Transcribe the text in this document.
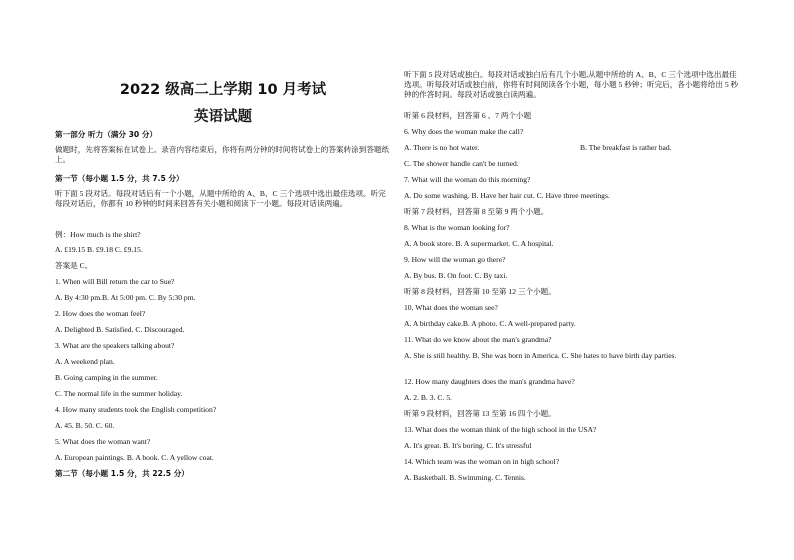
2022 级高二上学期 10 月考试
英语试题
第一部分 听力（满分 30 分）
做题时，先将答案标在试卷上。录音内容结束后，你将有两分钟的时间将试卷上的答案转涂到答题纸上。
第一节（每小题 1.5 分，共 7.5 分）
听下面 5 段对话。每段对话后有一个小题，从题中所给的 A、B、C 三个选项中选出最佳选项。听完每段对话后，你都有 10 秒钟的时间来回答有关小题和阅读下一小题。每段对话读两遍。
例：How much is the shirt?
A. £19.15 B. £9.18 C. £9.15.
答案是 C。
1. When will Bill return the car to Sue?
A. By 4:30 pm.B. At 5:00 pm. C. By 5:30 pm.
2. How does the woman feel?
A. Delighted B. Satisfied. C. Discouraged.
3. What are the speakers talking about?
A. A weekend plan.
B. Going camping in the summer.
C. The normal life in the summer holiday.
4. How many students took the English competition?
A. 45. B. 50. C. 60.
5. What does the woman want?
A. European paintings. B. A book. C. A yellow coat.
第二节（每小题 1.5 分，共 22.5 分）
听下面 5 段对话或独白。每段对话或独白后有几个小题,从题中所给的 A、B、C 三个选项中选出最佳选项。听每段对话或独白前，你将有时间阅读各个小题，每小题 5 秒钟；听完后，各小题将给出 5 秒钟的作答时间。每段对话或独白读两遍。
听第 6 段材料，回答第 6 、7 两个小题
6. Why does the woman make the call?
A. There is no hot water.	B. The breakfast is rather bad.
C. The shower handle can't be turned.
7. What will the woman do this morning?
A. Do some washing. B. Have her hair cut. C. Have three meetings.
听第 7 段材料，回答第 8 至第 9 两个小题。
8. What is the woman looking for?
A. A book store. B. A supermarket. C. A hospital.
9. How will the woman go there?
A. By bus. B. On foot. C. By taxi.
听第 8 段材料，回答第 10 至第 12 三个小题。
10. What does the woman see?
A. A birthday cake.B. A photo. C. A well-prepared party.
11. What do we know about the man's grandma?
A. She is still healthy. B. She was born in America. C. She hates to have birth day parties.
12. How many daughters does the man's grandma have?
A. 2. B. 3. C. 5.
听第 9 段材料，回答第 13 至第 16 四个小题。
13. What does the woman think of the high school in the USA?
A. It's great. B. It's boring. C. It's stressful
14. Which team was the woman on in high school?
A. Basketball. B. Swimming. C. Tennis.
